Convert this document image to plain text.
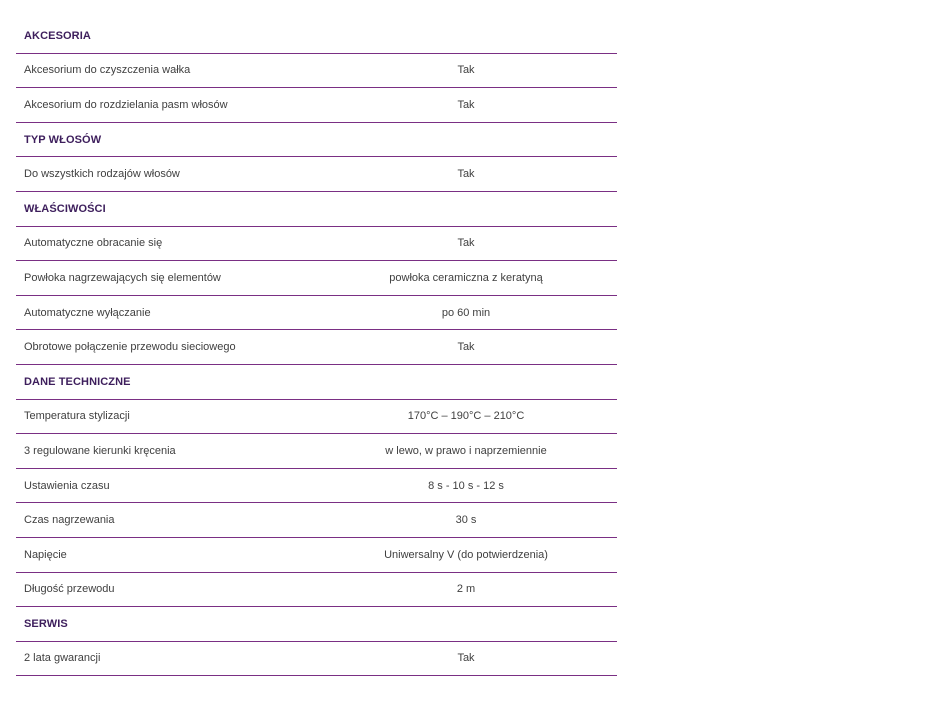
AKCESORIA
Akcesorium do czyszczenia wałka	Tak
Akcesorium do rozdzielania pasm włosów	Tak
TYP WŁOSÓW
Do wszystkich rodzajów włosów	Tak
WŁAŚCIWOŚCI
Automatyczne obracanie się	Tak
Powłoka nagrzewających się elementów	powłoka ceramiczna z keratyną
Automatyczne wyłączanie	po 60 min
Obrotowe połączenie przewodu sieciowego	Tak
DANE TECHNICZNE
Temperatura stylizacji	170°C – 190°C – 210°C
3 regulowane kierunki kręcenia	w lewo, w prawo i naprzemiennie
Ustawienia czasu	8 s - 10 s - 12 s
Czas nagrzewania	30 s
Napięcie	Uniwersalny V (do potwierdzenia)
Długość przewodu	2 m
SERWIS
2 lata gwarancji	Tak
